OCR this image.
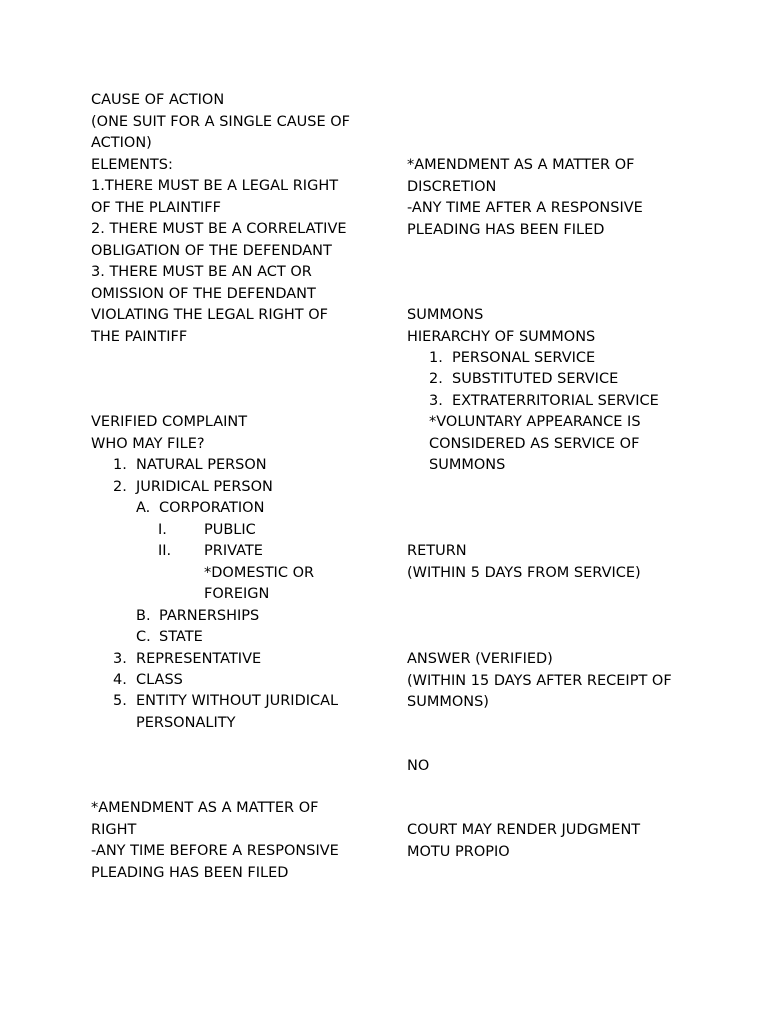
CAUSE OF ACTION
(ONE SUIT FOR A SINGLE CAUSE OF
ACTION)
ELEMENTS:
1.THERE MUST BE A LEGAL RIGHT
OF THE PLAINTIFF
2. THERE MUST BE A CORRELATIVE
OBLIGATION OF THE DEFENDANT
3. THERE MUST BE AN ACT OR
OMISSION OF THE DEFENDANT
VIOLATING THE LEGAL RIGHT OF
THE PAINTIFF
VERIFIED COMPLAINT
WHO MAY FILE?
1. NATURAL PERSON
2. JURIDICAL PERSON
A. CORPORATION
I.	PUBLIC
II. PRIVATE
*DOMESTIC OR
FOREIGN
B. PARNERSHIPS
C. STATE
3. REPRESENTATIVE
4. CLASS
5. ENTITY WITHOUT JURIDICAL
PERSONALITY
*AMENDMENT AS A MATTER OF
RIGHT
-ANY TIME BEFORE A RESPONSIVE
PLEADING HAS BEEN FILED
*AMENDMENT AS A MATTER OF
DISCRETION
-ANY TIME AFTER A RESPONSIVE
PLEADING HAS BEEN FILED
SUMMONS
HIERARCHY OF SUMMONS
1. PERSONAL SERVICE
2. SUBSTITUTED SERVICE
3. EXTRATERRITORIAL SERVICE
*VOLUNTARY APPEARANCE IS
CONSIDERED AS SERVICE OF
SUMMONS
RETURN
(WITHIN 5 DAYS FROM SERVICE)
ANSWER (VERIFIED)
(WITHIN 15 DAYS AFTER RECEIPT OF
SUMMONS)
NO
COURT MAY RENDER JUDGMENT
MOTU PROPIO
